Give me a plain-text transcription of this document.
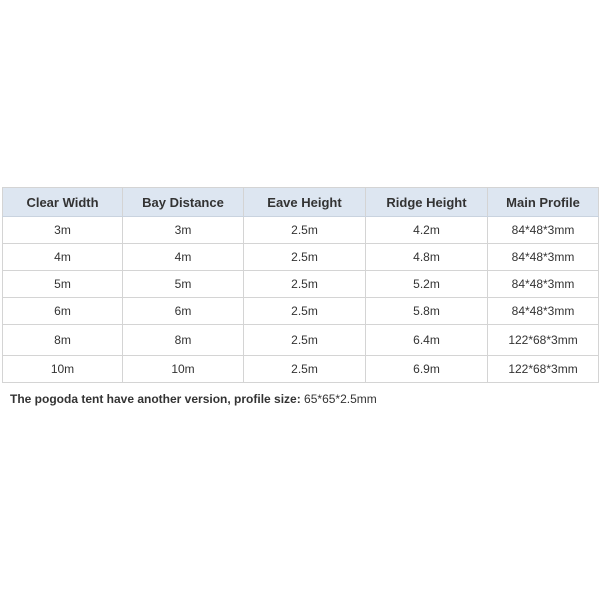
Clear Width	Bay Distance	Eave Height	Ridge Height	Main Profile
3m	3m	2.5m	4.2m	84*48*3mm
4m	4m	2.5m	4.8m	84*48*3mm
5m	5m	2.5m	5.2m	84*48*3mm
6m	6m	2.5m	5.8m	84*48*3mm
8m	8m	2.5m	6.4m	122*68*3mm
10m	10m	2.5m	6.9m	122*68*3mm
The pogoda tent have another version, profile size: 65*65*2.5mm
